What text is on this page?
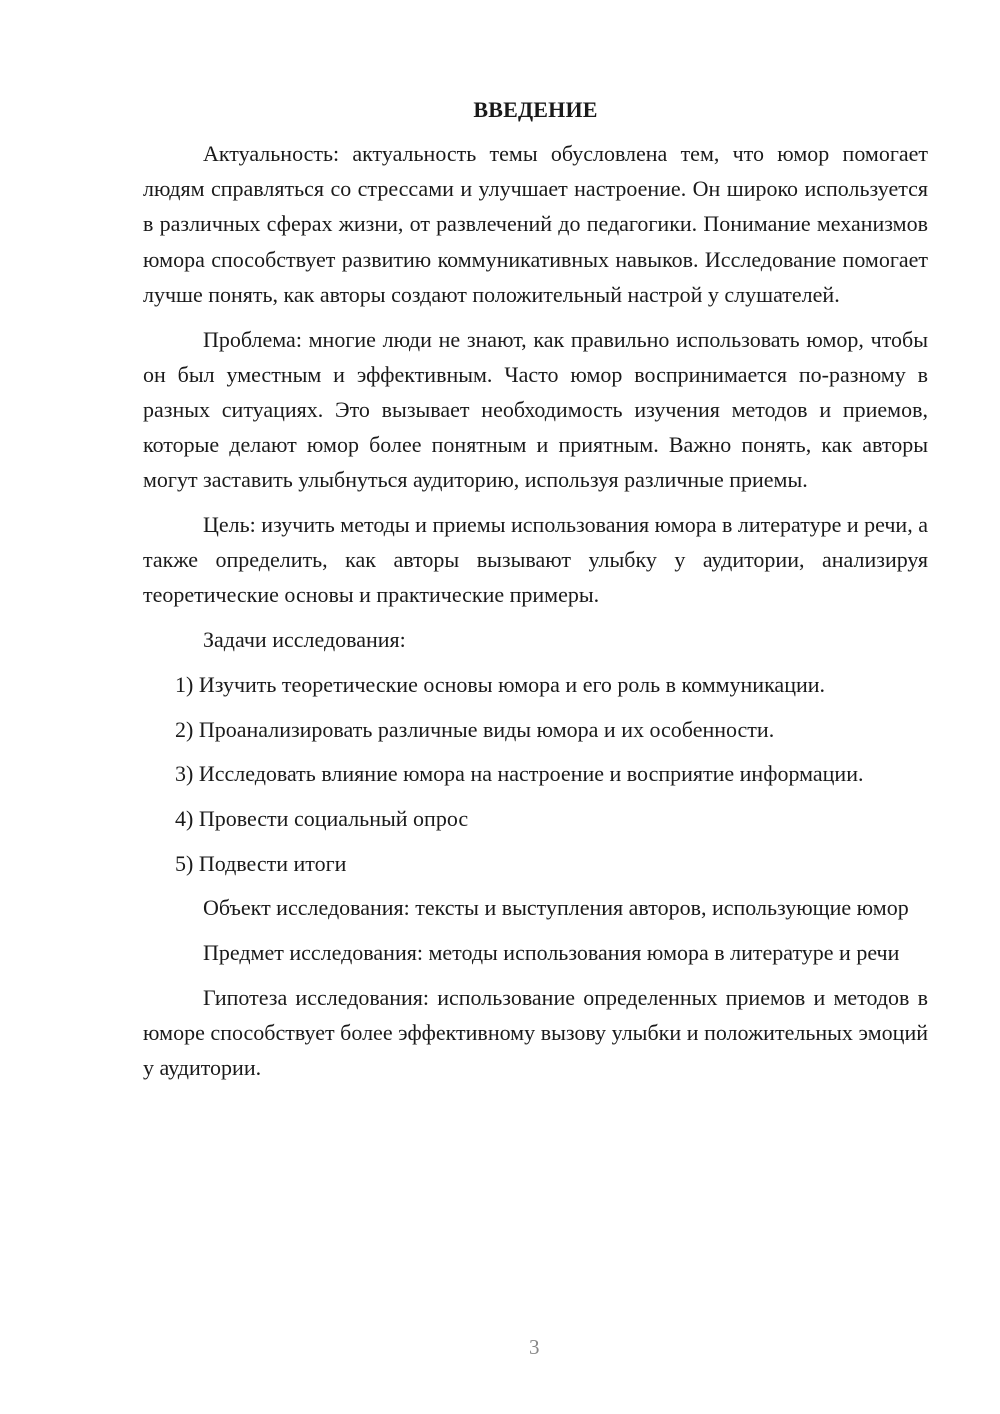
ВВЕДЕНИЕ

Актуальность: актуальность темы обусловлена тем, что юмор помогает людям справляться со стрессами и улучшает настроение. Он широко используется в различных сферах жизни, от развлечений до педагогики. Понимание механизмов юмора способствует развитию коммуникативных навыков. Исследование помогает лучше понять, как авторы создают положительный настрой у слушателей.

Проблема: многие люди не знают, как правильно использовать юмор, чтобы он был уместным и эффективным. Часто юмор воспринимается по-разному в разных ситуациях. Это вызывает необходимость изучения методов и приемов, которые делают юмор более понятным и приятным. Важно понять, как авторы могут заставить улыбнуться аудиторию, используя различные приемы.

Цель: изучить методы и приемы использования юмора в литературе и речи, а также определить, как авторы вызывают улыбку у аудитории, анализируя теоретические основы и практические примеры.

Задачи исследования:

1) Изучить теоретические основы юмора и его роль в коммуникации.

2) Проанализировать различные виды юмора и их особенности.

3) Исследовать влияние юмора на настроение и восприятие информации.

4) Провести социальный опрос

5) Подвести итоги

Объект исследования: тексты и выступления авторов, использующие юмор

Предмет исследования: методы использования юмора в литературе и речи

Гипотеза исследования: использование определенных приемов и методов в юморе способствует более эффективному вызову улыбки и положительных эмоций у аудитории.

3
